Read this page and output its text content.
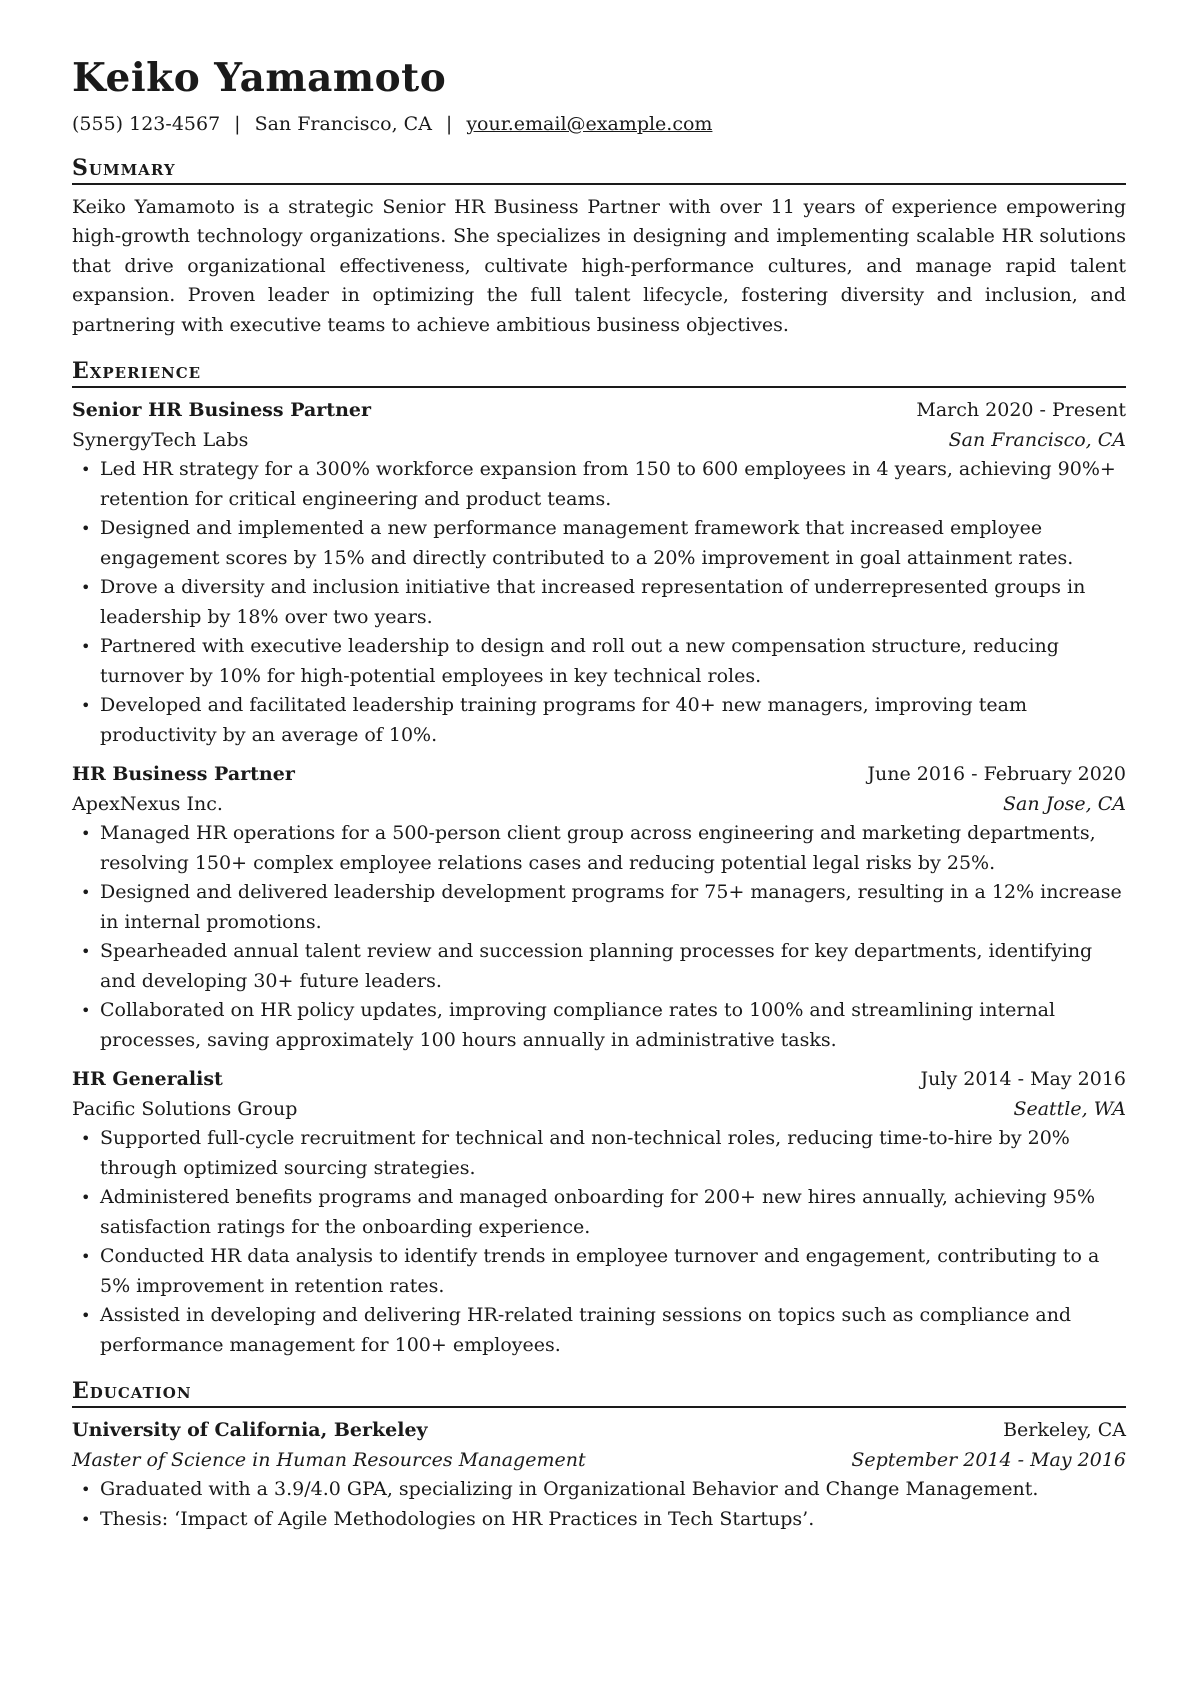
Keiko Yamamoto
(555) 123-4567 | San Francisco, CA | your.email@example.com
Summary

Keiko Yamamoto is a strategic Senior HR Business Partner with over 11 years of experience empowering high-growth technology organizations. She specializes in designing and implementing scalable HR solutions that drive organizational effectiveness, cultivate high-performance cultures, and manage rapid talent expansion. Proven leader in optimizing the full talent lifecycle, fostering diversity and inclusion, and partnering with executive teams to achieve ambitious business objectives.

Experience
Senior HR Business Partner	March 2020 - Present
SynergyTech Labs	San Francisco, CA
• Led HR strategy for a 300% workforce expansion from 150 to 600 employees in 4 years, achieving 90%+ retention for critical engineering and product teams.
• Designed and implemented a new performance management framework that increased employee engagement scores by 15% and directly contributed to a 20% improvement in goal attainment rates.
• Drove a diversity and inclusion initiative that increased representation of underrepresented groups in leadership by 18% over two years.
• Partnered with executive leadership to design and roll out a new compensation structure, reducing turnover by 10% for high-potential employees in key technical roles.
• Developed and facilitated leadership training programs for 40+ new managers, improving team productivity by an average of 10%.
HR Business Partner	June 2016 - February 2020
ApexNexus Inc.	San Jose, CA
• Managed HR operations for a 500-person client group across engineering and marketing departments, resolving 150+ complex employee relations cases and reducing potential legal risks by 25%.
• Designed and delivered leadership development programs for 75+ managers, resulting in a 12% increase in internal promotions.
• Spearheaded annual talent review and succession planning processes for key departments, identifying and developing 30+ future leaders.
• Collaborated on HR policy updates, improving compliance rates to 100% and streamlining internal processes, saving approximately 100 hours annually in administrative tasks.
HR Generalist	July 2014 - May 2016
Pacific Solutions Group	Seattle, WA
• Supported full-cycle recruitment for technical and non-technical roles, reducing time-to-hire by 20% through optimized sourcing strategies.
• Administered benefits programs and managed onboarding for 200+ new hires annually, achieving 95% satisfaction ratings for the onboarding experience.
• Conducted HR data analysis to identify trends in employee turnover and engagement, contributing to a 5% improvement in retention rates.
• Assisted in developing and delivering HR-related training sessions on topics such as compliance and performance management for 100+ employees.
Education
University of California, Berkeley	Berkeley, CA
Master of Science in Human Resources Management	September 2014 - May 2016
• Graduated with a 3.9/4.0 GPA, specializing in Organizational Behavior and Change Management.
• Thesis: ‘Impact of Agile Methodologies on HR Practices in Tech Startups’.
